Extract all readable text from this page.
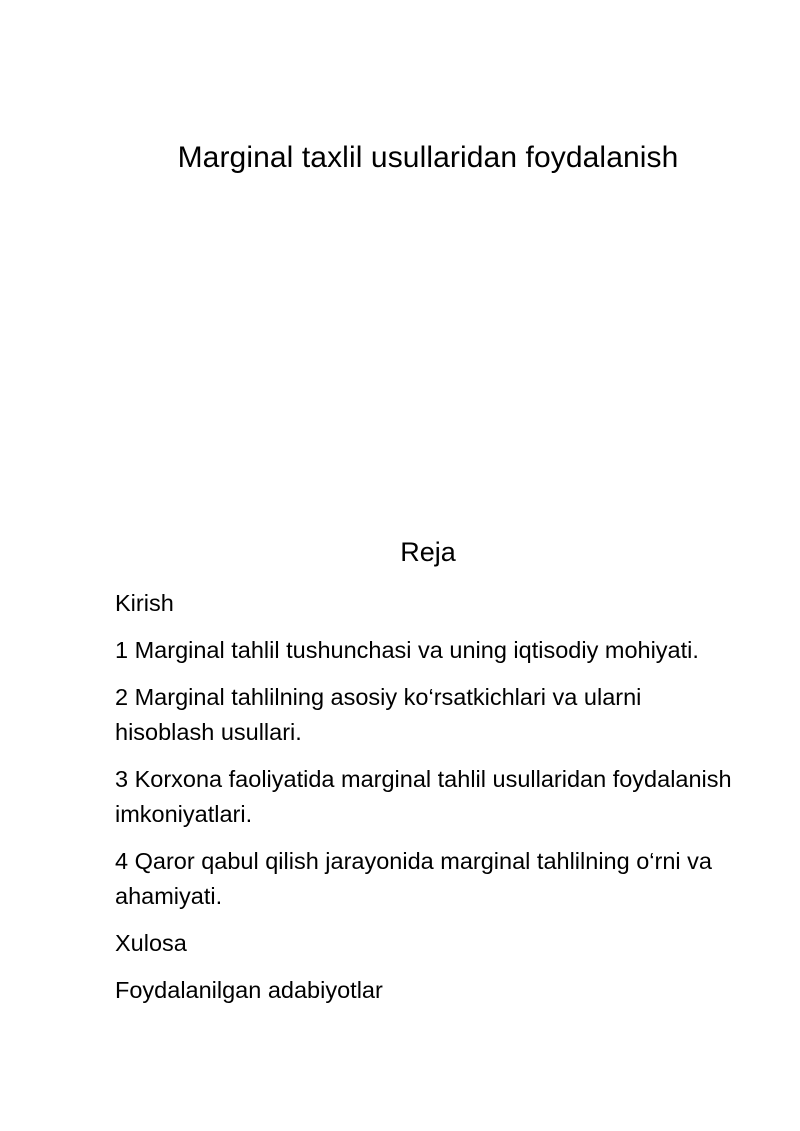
Marginal taxlil usullaridan foydalanish
Reja
Kirish
1 Marginal tahlil tushunchasi va uning iqtisodiy mohiyati.
2 Marginal tahlilning asosiy ko‘rsatkichlari va ularni hisoblash usullari.
3 Korxona faoliyatida marginal tahlil usullaridan foydalanish imkoniyatlari.
4 Qaror qabul qilish jarayonida marginal tahlilning o‘rni va ahamiyati.
Xulosa
Foydalanilgan adabiyotlar
